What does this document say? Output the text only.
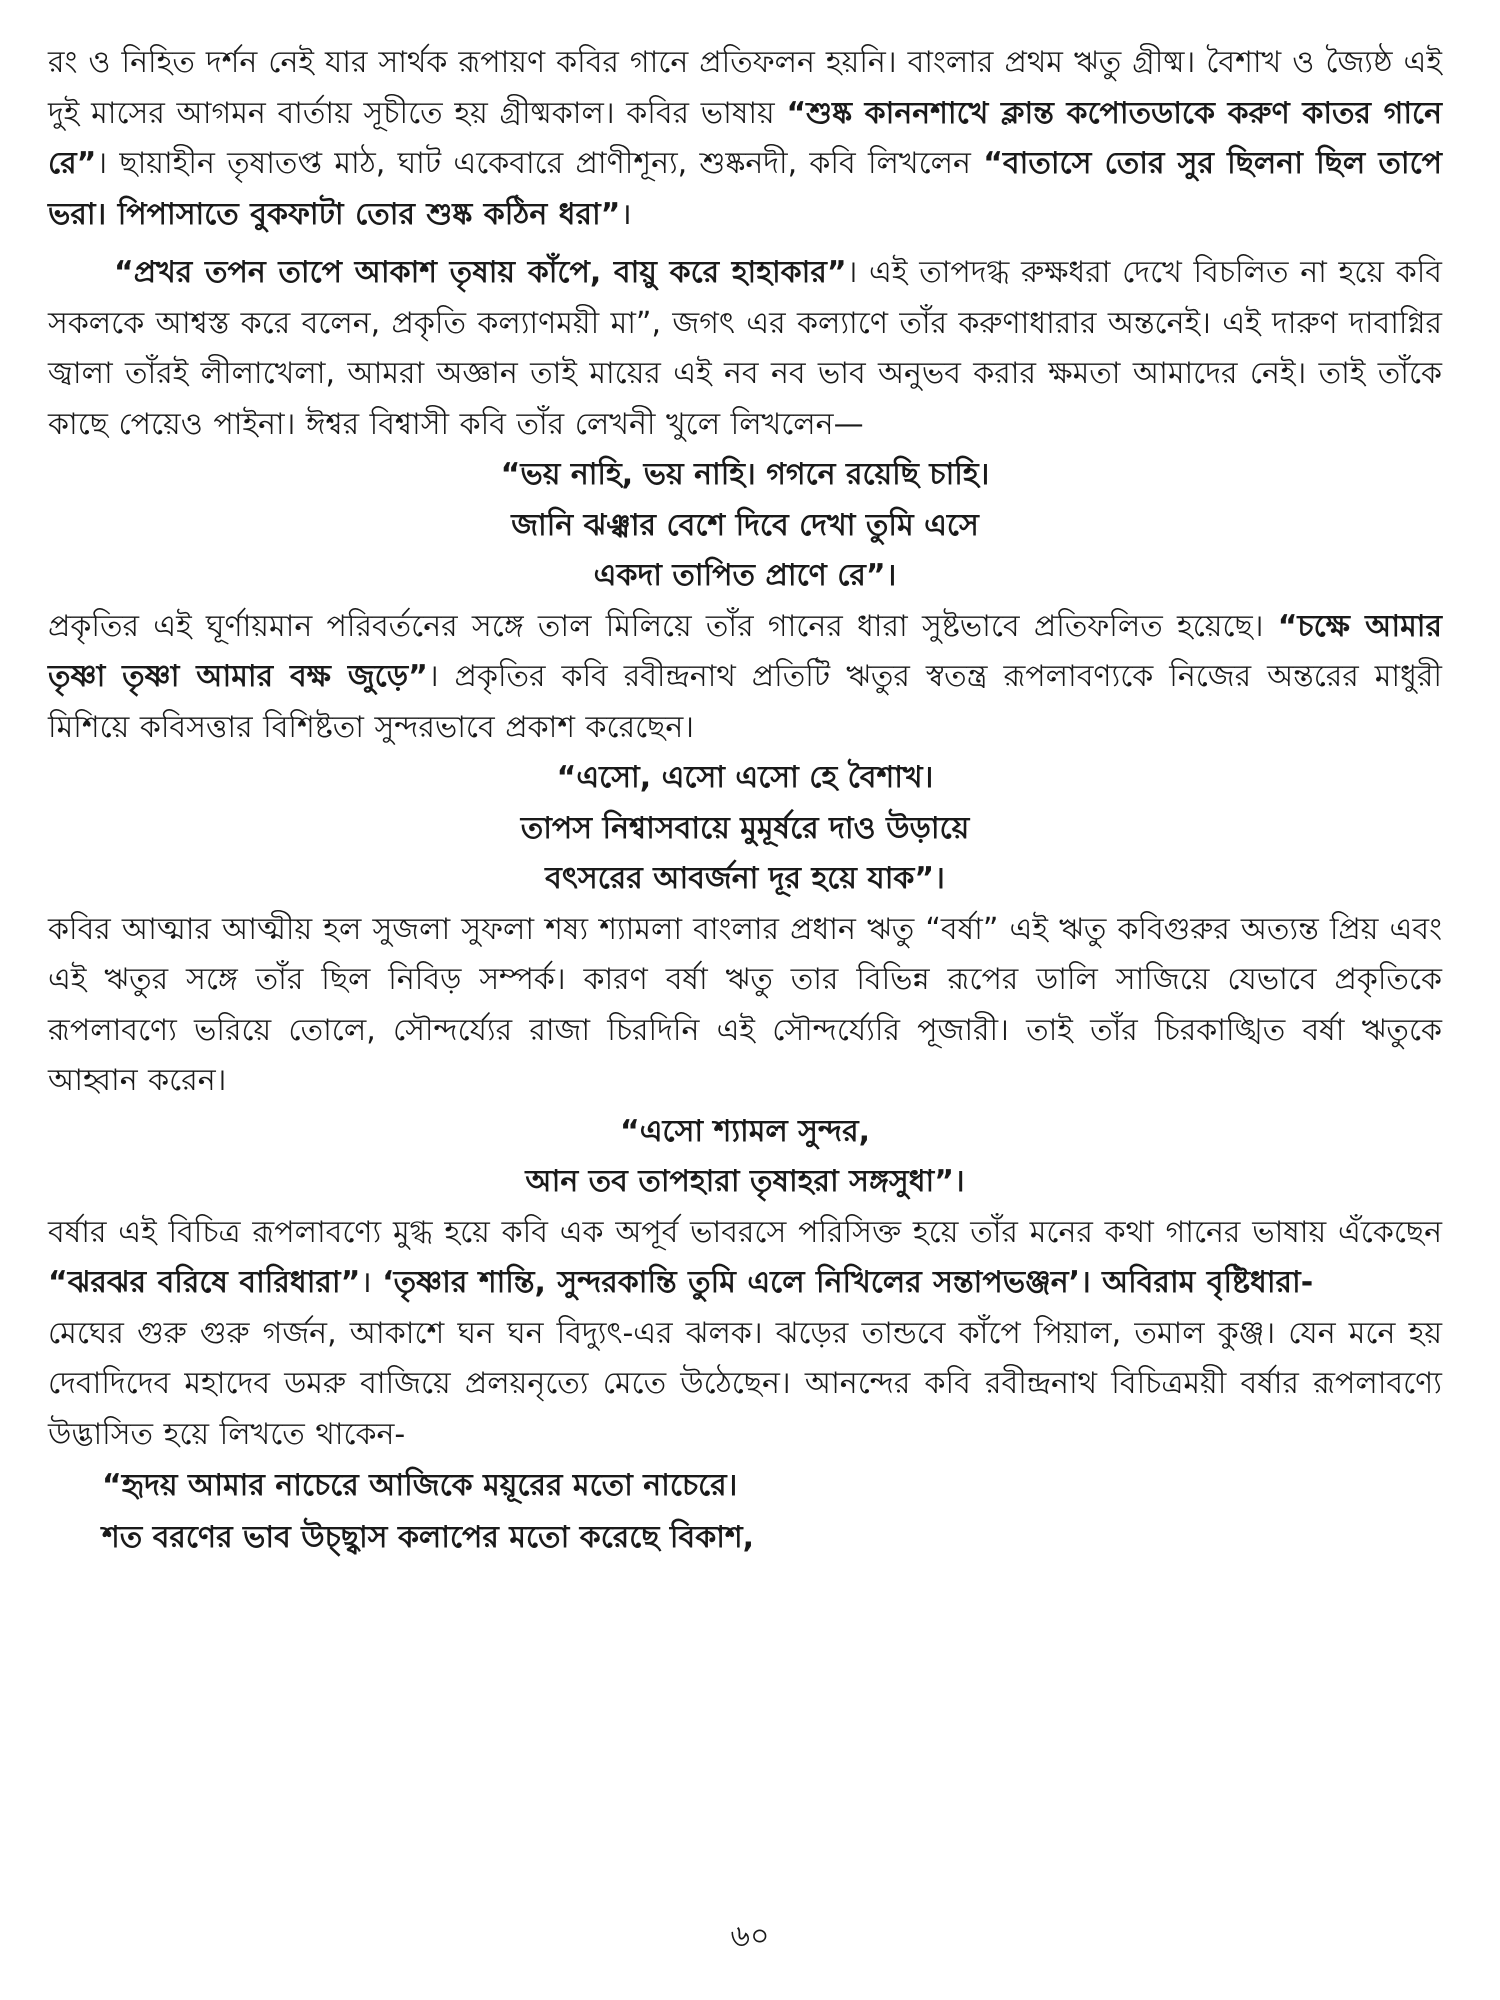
রং ও নিহিত দর্শন নেই যার সার্থক রূপায়ণ কবির গানে প্রতিফলন হয়নি। বাংলার প্রথম ঋতু গ্রীষ্ম। বৈশাখ ও জ্যৈষ্ঠ এই দুই মাসের আগমন বার্তায় সূচীতে হয় গ্রীষ্মকাল। কবির ভাষায় “শুষ্ক কাননশাখে ক্লান্ত কপোতডাকে করুণ কাতর গানে রে”। ছায়াহীন তৃষাতপ্ত মাঠ, ঘাট একেবারে প্রাণীশূন্য, শুষ্কনদী, কবি লিখলেন “বাতাসে তোর সুর ছিলনা ছিল তাপে ভরা। পিপাসাতে বুকফাটা তোর শুষ্ক কঠিন ধরা”।

“প্রখর তপন তাপে আকাশ তৃষায় কাঁপে, বায়ু করে হাহাকার”। এই তাপদগ্ধ রুক্ষধরা দেখে বিচলিত না হয়ে কবি সকলকে আশ্বস্ত করে বলেন, প্রকৃতি কল্যাণময়ী মা”, জগৎ এর কল্যাণে তাঁর করুণাধারার অন্তনেই। এই দারুণ দাবাগ্নির জ্বালা তাঁরই লীলাখেলা, আমরা অজ্ঞান তাই মায়ের এই নব নব ভাব অনুভব করার ক্ষমতা আমাদের নেই। তাই তাঁকে কাছে পেয়েও পাইনা। ঈশ্বর বিশ্বাসী কবি তাঁর লেখনী খুলে লিখলেন—

“ভয় নাহি, ভয় নাহি। গগনে রয়েছি চাহি।

জানি ঝঞ্ঝার বেশে দিবে দেখা তুমি এসে

একদা তাপিত প্রাণে রে”।

প্রকৃতির এই ঘূর্ণায়মান পরিবর্তনের সঙ্গে তাল মিলিয়ে তাঁর গানের ধারা সুষ্টভাবে প্রতিফলিত হয়েছে। “চক্ষে আমার তৃষ্ণা তৃষ্ণা আমার বক্ষ জুড়ে”। প্রকৃতির কবি রবীন্দ্রনাথ প্রতিটি ঋতুর স্বতন্ত্র রূপলাবণ্যকে নিজের অন্তরের মাধুরী মিশিয়ে কবিসত্তার বিশিষ্টতা সুন্দরভাবে প্রকাশ করেছেন।

“এসো, এসো এসো হে বৈশাখ।

তাপস নিশ্বাসবায়ে মুমূর্ষরে দাও উড়ায়ে

বৎসরের আবর্জনা দূর হয়ে যাক”।

কবির আত্মার আত্মীয় হল সুজলা সুফলা শষ্য শ্যামলা বাংলার প্রধান ঋতু “বর্ষা” এই ঋতু কবিগুরুর অত্যন্ত প্রিয় এবং এই ঋতুর সঙ্গে তাঁর ছিল নিবিড় সম্পর্ক। কারণ বর্ষা ঋতু তার বিভিন্ন রূপের ডালি সাজিয়ে যেভাবে প্রকৃতিকে রূপলাবণ্যে ভরিয়ে তোলে, সৌন্দর্য্যের রাজা চিরদিনি এই সৌন্দর্য্যেরি পূজারী। তাই তাঁর চিরকাঙ্খিত বর্ষা ঋতুকে আহ্বান করেন।

“এসো শ্যামল সুন্দর,

আন তব তাপহারা তৃষাহরা সঙ্গসুধা”।

বর্ষার এই বিচিত্র রূপলাবণ্যে মুগ্ধ হয়ে কবি এক অপূর্ব ভাবরসে পরিসিক্ত হয়ে তাঁর মনের কথা গানের ভাষায় এঁকেছেন “ঝরঝর বরিষে বারিধারা”। ‘তৃষ্ণার শান্তি, সুন্দরকান্তি তুমি এলে নিখিলের সন্তাপভঞ্জন’। অবিরাম বৃষ্টিধারা-

মেঘের গুরু গুরু গর্জন, আকাশে ঘন ঘন বিদ্যুৎ-এর ঝলক। ঝড়ের তান্ডবে কাঁপে পিয়াল, তমাল কুঞ্জ। যেন মনে হয় দেবাদিদেব মহাদেব ডমরু বাজিয়ে প্রলয়নৃত্যে মেতে উঠেছেন। আনন্দের কবি রবীন্দ্রনাথ বিচিত্রময়ী বর্ষার রূপলাবণ্যে উদ্ভাসিত হয়ে লিখতে থাকেন-

“হৃদয় আমার নাচেরে আজিকে ময়ূরের মতো নাচেরে।

শত বরণের ভাব উচ্ছ্বাস কলাপের মতো করেছে বিকাশ,

৬০
